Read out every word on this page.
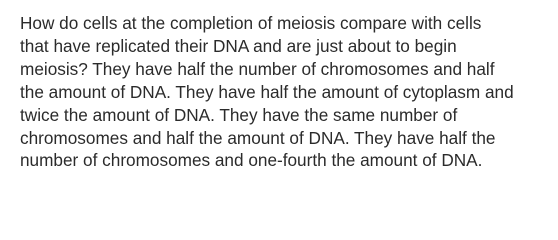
How do cells at the completion of meiosis compare with cells
that have replicated their DNA and are just about to begin
meiosis? They have half the number of chromosomes and half
the amount of DNA. They have half the amount of cytoplasm and
twice the amount of DNA. They have the same number of
chromosomes and half the amount of DNA. They have half the
number of chromosomes and one-fourth the amount of DNA.
